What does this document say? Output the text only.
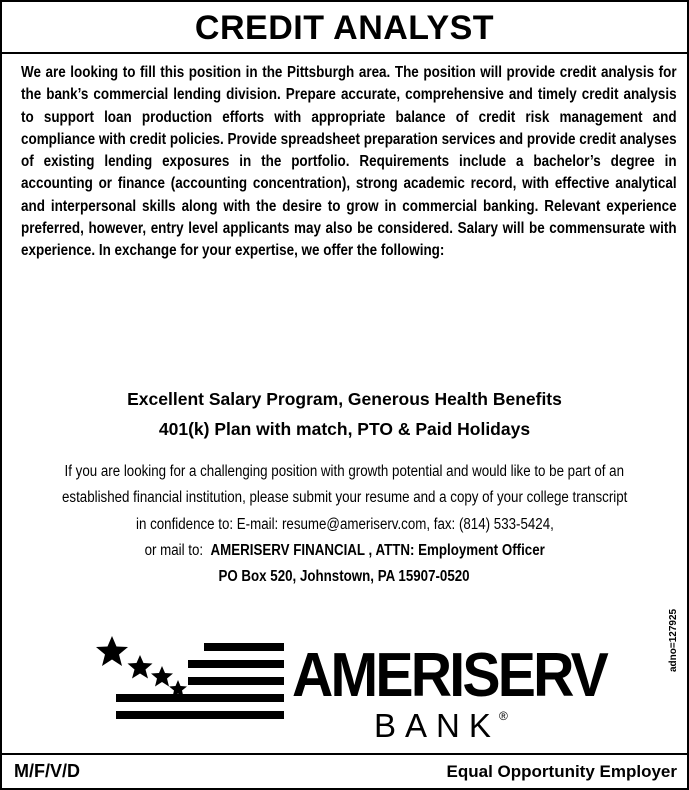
CREDIT ANALYST
We are looking to fill this position in the Pittsburgh area. The position will provide credit analysis for the bank’s commercial lending division. Prepare accurate, comprehensive and timely credit analysis to support loan production efforts with appropriate balance of credit risk management and compliance with credit policies. Provide spreadsheet preparation services and provide credit analyses of existing lending exposures in the portfolio. Requirements include a bachelor’s degree in accounting or finance (accounting concentration), strong academic record, with effective analytical and interpersonal skills along with the desire to grow in commercial banking. Relevant experience preferred, however, entry level applicants may also be considered. Salary will be commensurate with experience. In exchange for your expertise, we offer the following:
Excellent Salary Program, Generous Health Benefits
401(k) Plan with match, PTO & Paid Holidays
If you are looking for a challenging position with growth potential and would like to be part of an
established financial institution, please submit your resume and a copy of your college transcript
in confidence to: E-mail: resume@ameriserv.com, fax: (814) 533-5424,
or mail to: AMERISERV FINANCIAL , ATTN: Employment Officer
PO Box 520, Johnstown, PA 15907-0520
AMERISERV
BANK ®
adno=127925
M/F/V/D	Equal Opportunity Employer
